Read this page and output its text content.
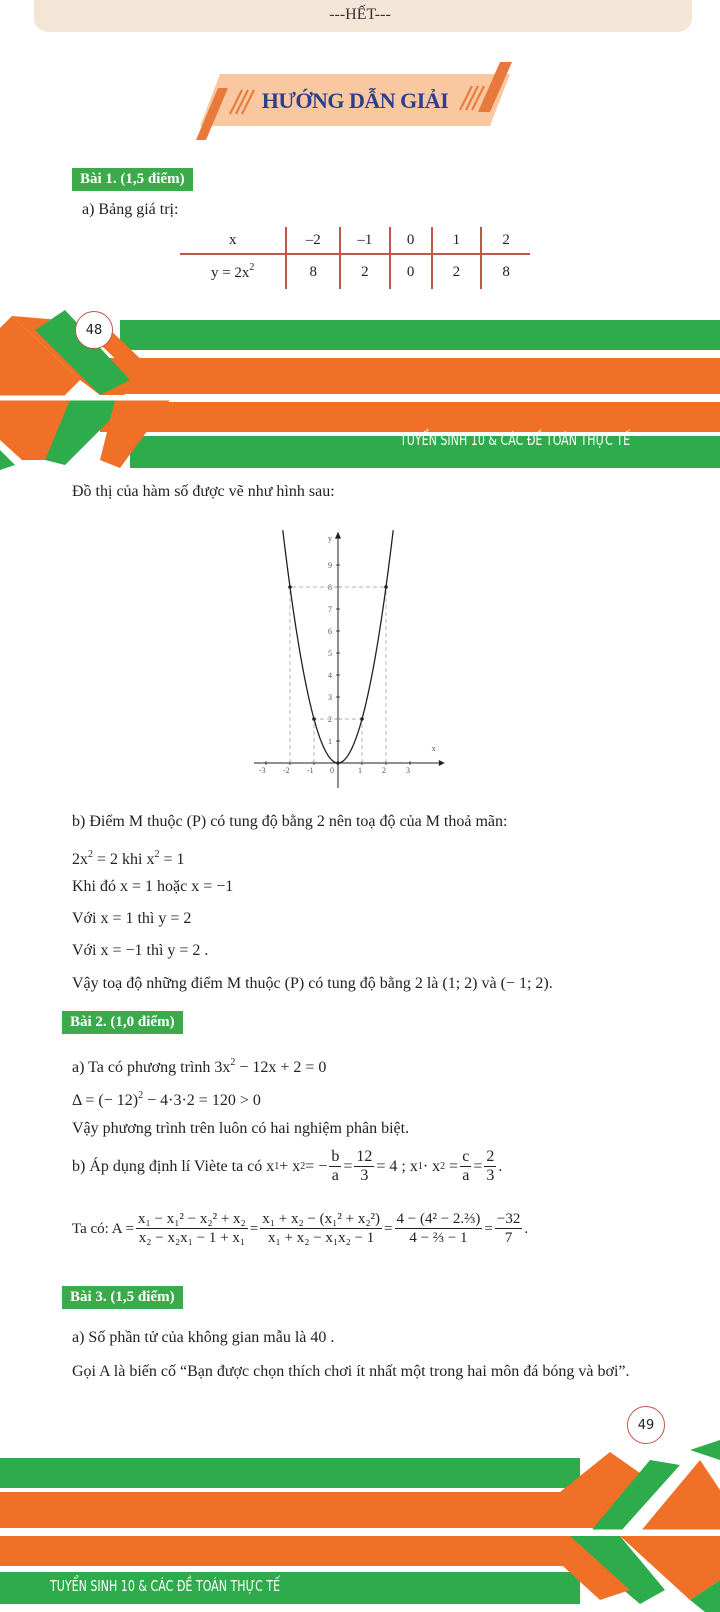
---HẾT---
HƯỚNG DẪN GIẢI
Bài 1. (1,5 điểm)
a) Bảng giá trị:
x	–2	–1	0	1	2
$y = 2x^2$	8	2	0	2	8
48
TUYỂN SINH 10 & CÁC ĐỀ TOÁN THỰC TẾ
Đồ thị của hàm số được vẽ như hình sau:
-3 -2 -1 0	1	2	3
1
2
3
4
5
6
7
8
9
y
x
b) Điểm M thuộc (P) có tung độ bằng 2 nên toạ độ của M thoả mãn:
$2x^2 = 2$ khi $x^2 = 1$
Khi đó x = 1 hoặc x = −1
Với x = 1 thì y = 2
Với x = −1 thì y = 2 .
Vậy toạ độ những điểm M thuộc (P) có tung độ bằng 2 là (1; 2) và (− 1; 2).
Bài 2. (1,0 điểm)
a) Ta có phương trình $3x^2 - 12x + 2 = 0$
Δ = (− 12)$^2$ − 4·3·2 = 120 > 0
Vậy phương trình trên luôn có hai nghiệm phân biệt.
b) Áp dụng định lí Viète ta có x 1 + x 2 = − $\frac{b}{a} = \frac{12}{3} = 4$ ; x 1 · x 2
= $\frac{c}{a} = \frac{2}{3}$ .
Ta có: $A = \frac{\text{x₁ − x₁² − x₂² + x₂}}{\text{x₂ − x₂x₁ − 1 + x₁}} = \frac{\text{x₁ + x₂ − (x₁² + x₂²)}}{\text{x₁ + x₂ − x₁x₂ − 1}} = \frac{\text{4 − (4² − 2.⅔)}}{\text{4 − ⅔ − 1}} = \frac{-32}{7}$ .
Bài 3. (1,5 điểm)
a) Số phần tử của không gian mẫu là 40 .
Gọi A là biến cố “Bạn được chọn thích chơi ít nhất một trong hai môn đá bóng và bơi”.
49
TUYỂN SINH 10 & CÁC ĐỀ TOÁN THỰC TẾ
